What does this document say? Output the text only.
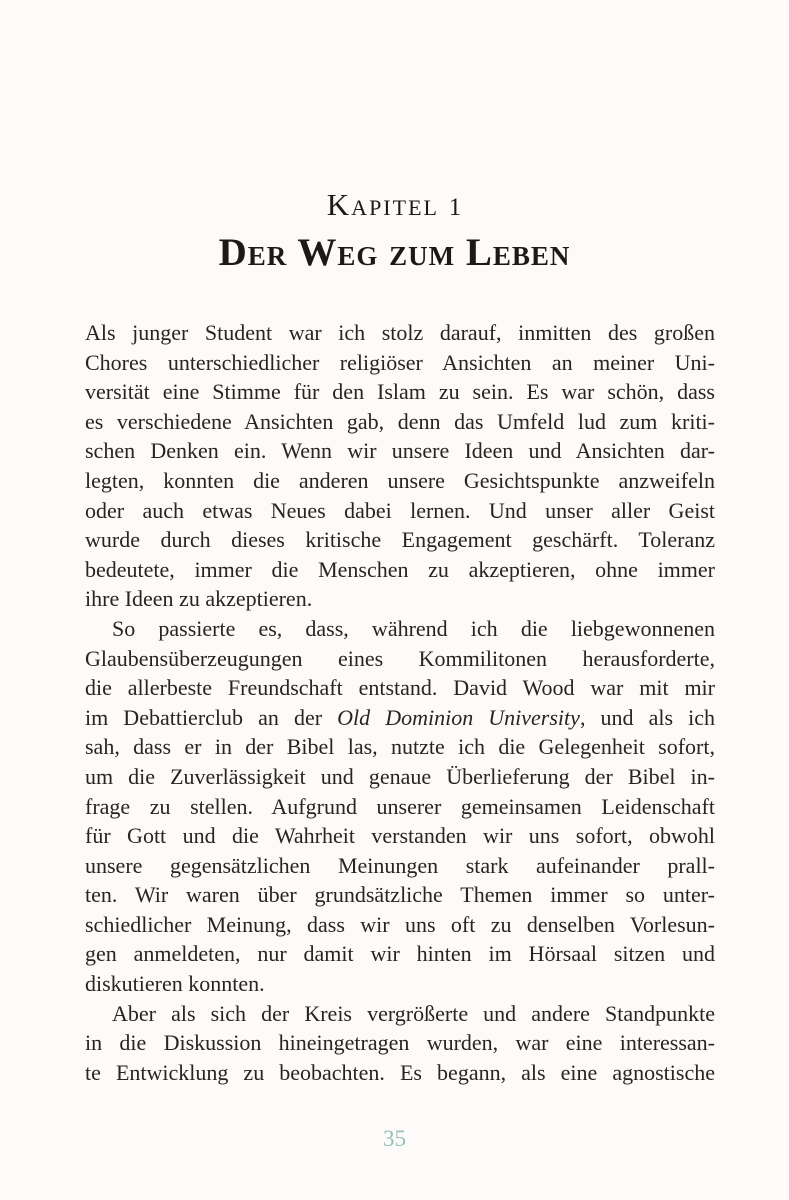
Kapitel 1
Der Weg zum Leben
Als junger Student war ich stolz darauf, inmitten des großen
Chores unterschiedlicher religiöser Ansichten an meiner Uni-
versität eine Stimme für den Islam zu sein. Es war schön, dass
es verschiedene Ansichten gab, denn das Umfeld lud zum kriti-
schen Denken ein. Wenn wir unsere Ideen und Ansichten dar-
legten, konnten die anderen unsere Gesichtspunkte anzweifeln
oder auch etwas Neues dabei lernen. Und unser aller Geist
wurde durch dieses kritische Engagement geschärft. Toleranz
bedeutete, immer die Menschen zu akzeptieren, ohne immer
ihre Ideen zu akzeptieren.
So passierte es, dass, während ich die liebgewonnenen
Glaubensüberzeugungen eines Kommilitonen herausforderte,
die allerbeste Freundschaft entstand. David Wood war mit mir
im Debattierclub an der Old Dominion University, und als ich
sah, dass er in der Bibel las, nutzte ich die Gelegenheit sofort,
um die Zuverlässigkeit und genaue Überlieferung der Bibel in-
frage zu stellen. Aufgrund unserer gemeinsamen Leidenschaft
für Gott und die Wahrheit verstanden wir uns sofort, obwohl
unsere gegensätzlichen Meinungen stark aufeinander prall-
ten. Wir waren über grundsätzliche Themen immer so unter-
schiedlicher Meinung, dass wir uns oft zu denselben Vorlesun-
gen anmeldeten, nur damit wir hinten im Hörsaal sitzen und
diskutieren konnten.
Aber als sich der Kreis vergrößerte und andere Standpunkte
in die Diskussion hineingetragen wurden, war eine interessan-
te Entwicklung zu beobachten. Es begann, als eine agnostische
35
